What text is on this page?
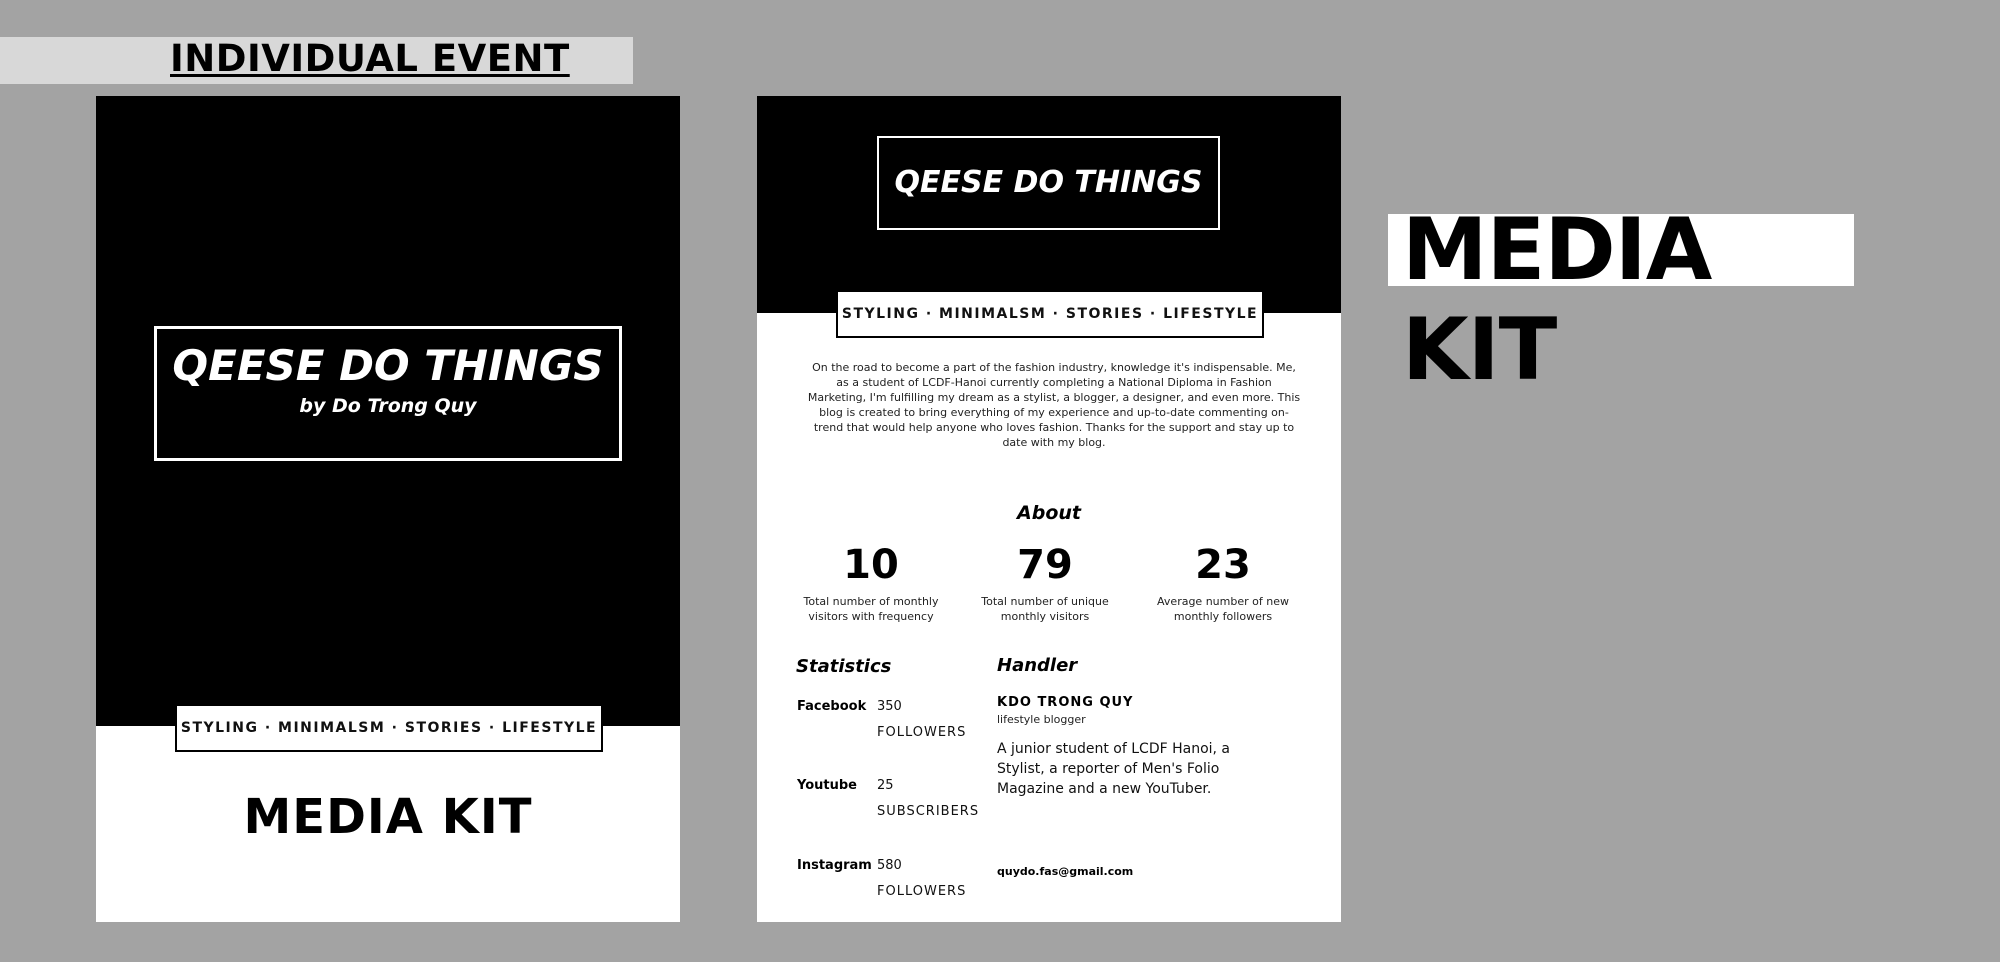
INDIVIDUAL EVENT
QEESE DO THINGS
by Do Trong Quy
STYLING · MINIMALSM · STORIES · LIFESTYLE
MEDIA KIT
QEESE DO THINGS
STYLING · MINIMALSM · STORIES · LIFESTYLE
On the road to become a part of the fashion industry, knowledge it's indispensable. Me, as a student of LCDF-Hanoi currently completing a National Diploma in Fashion Marketing, I'm fulfilling my dream as a stylist, a blogger, a designer, and even more. This blog is created to bring everything of my experience and up-to-date commenting on-trend that would help anyone who loves fashion. Thanks for the support and stay up to date with my blog.
About
10
Total number of monthly visitors with frequency
79
Total number of unique monthly visitors
23
Average number of new monthly followers
Statistics	Handler
Facebook 350
FOLLOWERS
Youtube 25
SUBSCRIBERS
Instagram 580
FOLLOWERS
KDO TRONG QUY
lifestyle blogger
A junior student of LCDF Hanoi, a Stylist, a reporter of Men's Folio Magazine and a new YouTuber.
quydo.fas@gmail.com
MEDIA KIT
